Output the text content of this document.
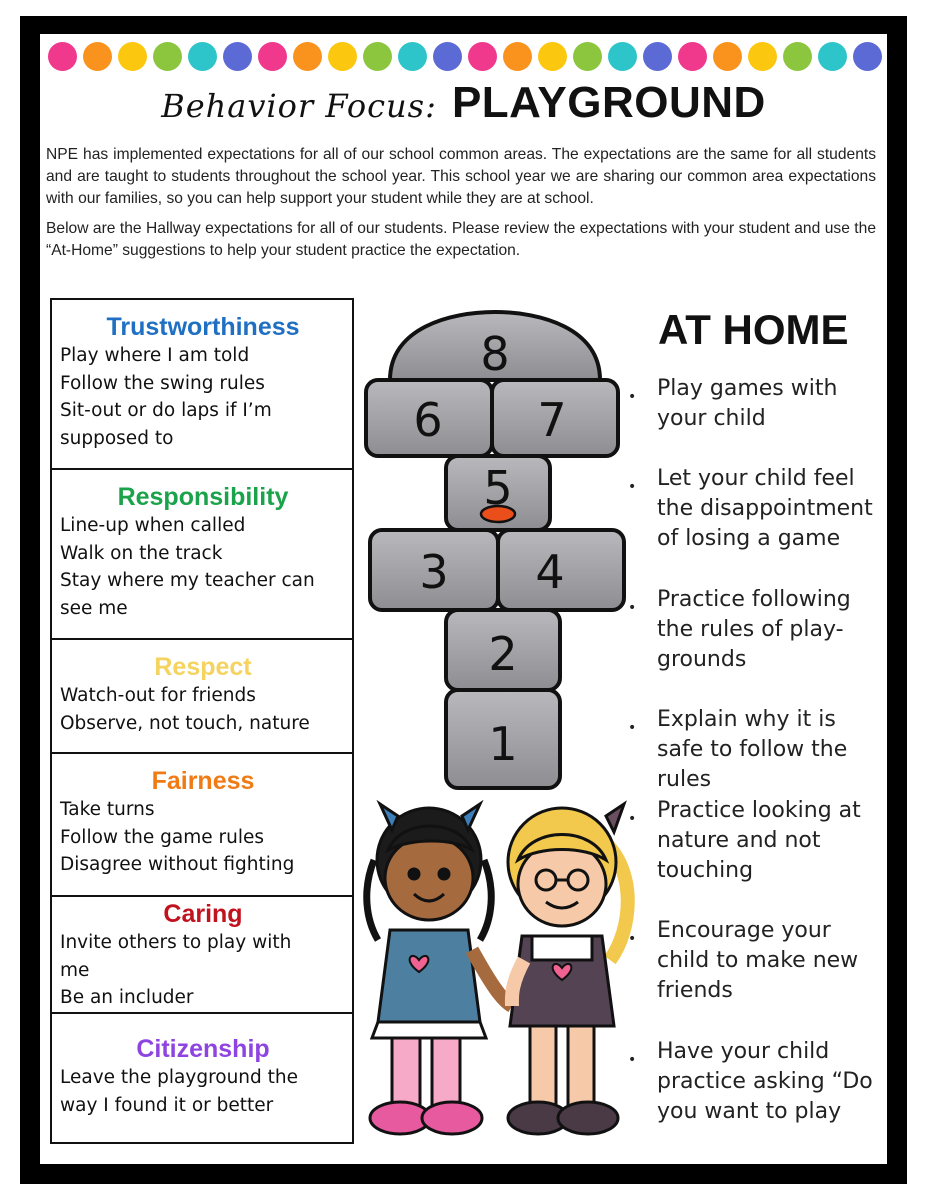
Behavior Focus: PLAYGROUND

NPE has implemented expectations for all of our school common areas. The expectations are the same for all students and are taught to students throughout the school year. This school year we are sharing our common area expectations with our families, so you can help support your student while they are at school.

Below are the Hallway expectations for all of our students. Please review the expectations with your student and use the “At-Home” suggestions to help your student practice the expectation.

Trustworthiness
Play where I am told
Follow the swing rules
Sit-out or do laps if I’m
supposed to
Responsibility
Line-up when called
Walk on the track
Stay where my teacher can
see me
Respect
Watch-out for friends
Observe, not touch, nature
Fairness
Take turns
Follow the game rules
Disagree without fighting
Caring
Invite others to play with
me
Be an includer
Citizenship
Leave the playground the
way I found it or better
8
6 7
5
3 4
2
1
AT HOME
• Play games with your child
• Let your child feel the disappointment of losing a game
• Practice following the rules of play-grounds
• Explain why it is safe to follow the rules
• Practice looking at nature and not touching
• Encourage your child to make new friends
• Have your child practice asking “Do you want to play
